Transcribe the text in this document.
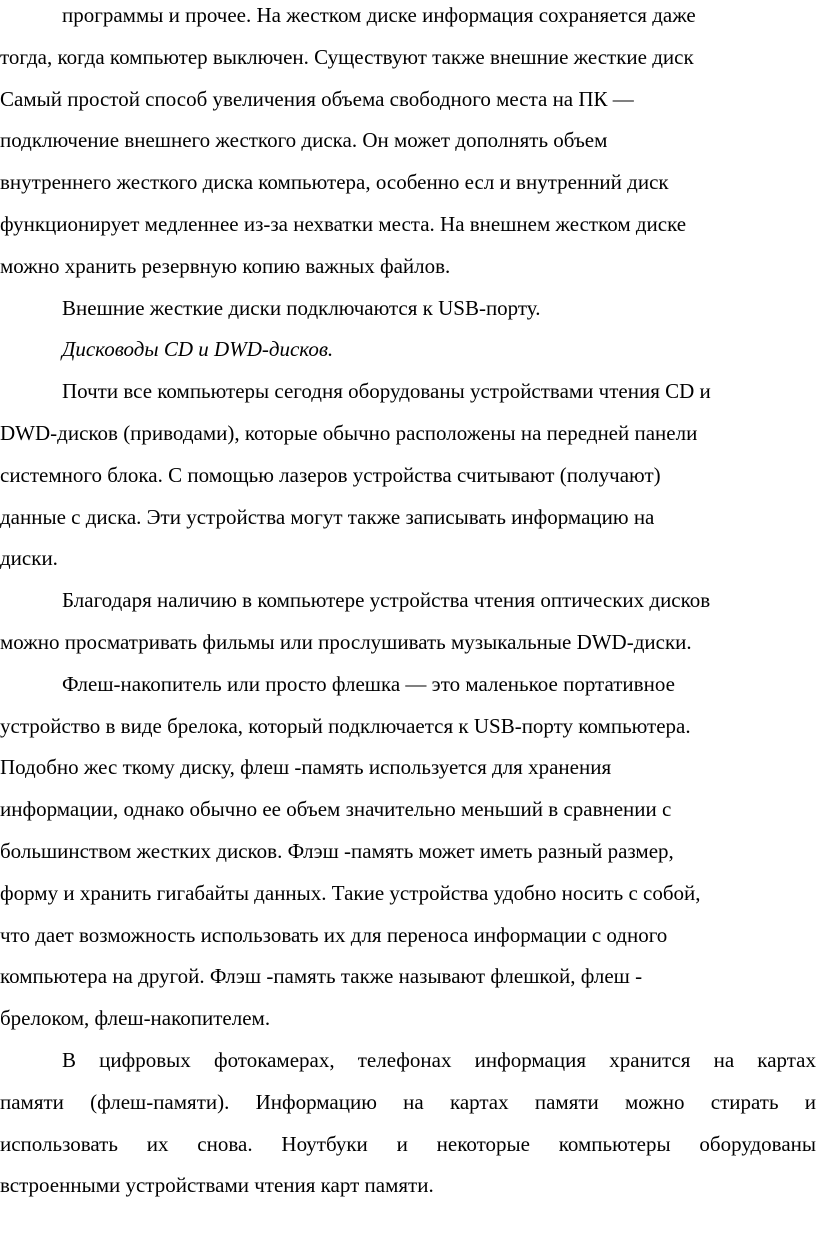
программы и прочее. На жестком диске информация сохраняется даже
тогда, когда компьютер выключен. Существуют также внешние жесткие диск
Самый простой способ увеличения объема свободного места на ПК —
подключение внешнего жесткого диска. Он может дополнять объем
внутреннего жесткого диска компьютера, особенно есл и внутренний диск
функционирует медленнее из-за нехватки места. На внешнем жестком диске
можно хранить резервную копию важных файлов.
Внешние жесткие диски подключаются к USB-порту.
Дисководы CD и DWD-дисков.
Почти все компьютеры сегодня оборудованы устройствами чтения CD и
DWD-дисков (приводами), которые обычно расположены на передней панели
системного блока. С помощью лазеров устройства считывают (получают)
данные с диска. Эти устройства могут также записывать информацию на
диски.
Благодаря наличию в компьютере устройства чтения оптических дисков
можно просматривать фильмы или прослушивать музыкальные DWD-диски.
Флеш-накопитель или просто флешка — это маленькое портативное
устройство в виде брелока, который подключается к USB-порту компьютера.
Подобно жес ткому диску, флеш -память используется для хранения
информации, однако обычно ее объем значительно меньший в сравнении с
большинством жестких дисков. Флэш -память может иметь разный размер,
форму и хранить гигабайты данных. Такие устройства удобно носить с собой,
что дает возможность использовать их для переноса информации с одного
компьютера на другой. Флэш -память также называют флешкой, флеш -
брелоком, флеш-накопителем.
В цифровых фотокамерах, телефонах информация хранится на картах
памяти (флеш-памяти). Информацию на картах памяти можно стирать и
использовать их снова. Ноутбуки и некоторые компьютеры оборудованы
встроенными устройствами чтения карт памяти.
